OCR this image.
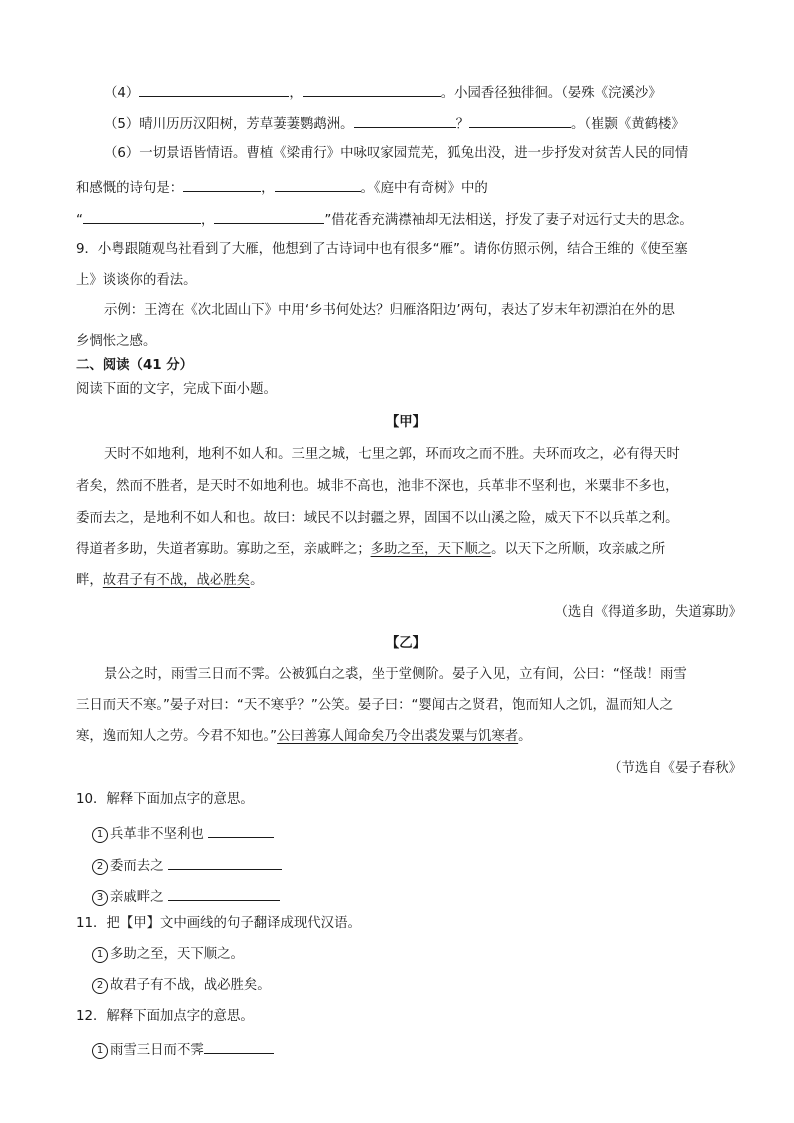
（4）	，	。小园香径独徘徊。（晏殊《浣溪沙》
（5）晴川历历汉阳树，芳草萋萋鹦鹉洲。	？	。（崔颢《黄鹤楼》
（6）一切景语皆情语。曹植《梁甫行》中咏叹家园荒芜，狐兔出没，进一步抒发对贫苦人民的同情
和感慨的诗句是：	，	。《庭中有奇树》中的
“	，	”借花香充满襟袖却无法相送，抒发了妻子对远行丈夫的思念。
9．小粤跟随观鸟社看到了大雁，他想到了古诗词中也有很多“雁”。请你仿照示例，结合王维的《使至塞
上》谈谈你的看法。
示例：王湾在《次北固山下》中用‘乡书何处达？归雁洛阳边’两句，表达了岁末年初漂泊在外的思
乡惆怅之感。
二、阅读（41 分）
阅读下面的文字，完成下面小题。
【甲】
天时不如地利，地利不如人和。三里之城，七里之郭，环而攻之而不胜。夫环而攻之，必有得天时
者矣，然而不胜者，是天时不如地利也。城非不高也，池非不深也，兵革非不坚利也，米粟非不多也，
委而去之，是地利不如人和也。故曰：域民不以封疆之界，固国不以山溪之险，威天下不以兵革之利。
得道者多助，失道者寡助。寡助之至，亲戚畔之；多助之至，天下顺之。以天下之所顺，攻亲戚之所
畔，故君子有不战，战必胜矣。
（选自《得道多助，失道寡助》
【乙】
景公之时，雨雪三日而不霁。公被狐白之裘，坐于堂侧阶。晏子入见，立有间，公曰：“怪哉！雨雪
三日而天不寒。”晏子对曰：“天不寒乎？”公笑。晏子曰：“婴闻古之贤君，饱而知人之饥，温而知人之
寒，逸而知人之劳。今君不知也。”公曰善寡人闻命矣乃令出裘发粟与饥寒者。
（节选自《晏子春秋》
10．解释下面加点字的意思。
1 兵革非不坚利也
2 委而去之
3 亲戚畔之
11．把【甲】文中画线的句子翻译成现代汉语。
1 多助之至，天下顺之。
2 故君子有不战，战必胜矣。
12．解释下面加点字的意思。
1 雨雪三日而不霁
